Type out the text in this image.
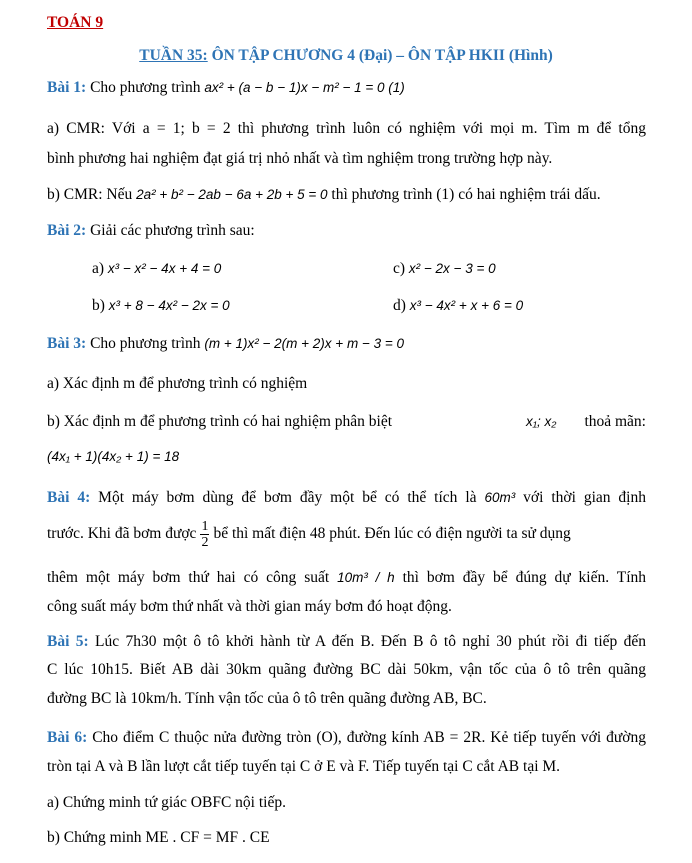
TOÁN 9
TUẦN 35: ÔN TẬP CHƯƠNG 4 (Đại) – ÔN TẬP HKII (Hình)
Bài 1: Cho phương trình ax² + (a − b − 1)x − m² − 1 = 0 (1)
a) CMR: Với a = 1; b = 2 thì phương trình luôn có nghiệm với mọi m. Tìm m để tổng
bình phương hai nghiệm đạt giá trị nhỏ nhất và tìm nghiệm trong trường hợp này.
b) CMR: Nếu 2a² + b² − 2ab − 6a + 2b + 5 = 0 thì phương trình (1) có hai nghiệm trái dấu.
Bài 2: Giải các phương trình sau:
a) x³ − x² − 4x + 4 = 0	c) x² − 2x − 3 = 0
b) x³ + 8 − 4x² − 2x = 0	d) x³ − 4x² + x + 6 = 0
Bài 3: Cho phương trình (m + 1)x² − 2(m + 2)x + m − 3 = 0
a) Xác định m để phương trình có nghiệm
b) Xác định m để phương trình có hai nghiệm phân biệt	x₁; x₂ thoả mãn:
(4x₁ + 1)(4x₂ + 1) = 18
Bài 4: Một máy bơm dùng để bơm đầy một bể có thể tích là 60m³ với thời gian định
trước. Khi đã bơm được $\frac{1}{2}$ bể thì mất điện 48 phút. Đến lúc có điện người ta sử dụng
thêm một máy bơm thứ hai có công suất 10m³ / h thì bơm đầy bể đúng dự kiến. Tính
công suất máy bơm thứ nhất và thời gian máy bơm đó hoạt động.
Bài 5: Lúc 7h30 một ô tô khởi hành từ A đến B. Đến B ô tô nghỉ 30 phút rồi đi tiếp đến
C lúc 10h15. Biết AB dài 30km quãng đường BC dài 50km, vận tốc của ô tô trên quãng
đường BC là 10km/h. Tính vận tốc của ô tô trên quãng đường AB, BC.
Bài 6: Cho điểm C thuộc nửa đường tròn (O), đường kính AB = 2R. Kẻ tiếp tuyến với đường
tròn tại A và B lần lượt cắt tiếp tuyến tại C ở E và F. Tiếp tuyến tại C cắt AB tại M.
a) Chứng minh tứ giác OBFC nội tiếp.
b) Chứng minh ME . CF = MF . CE
